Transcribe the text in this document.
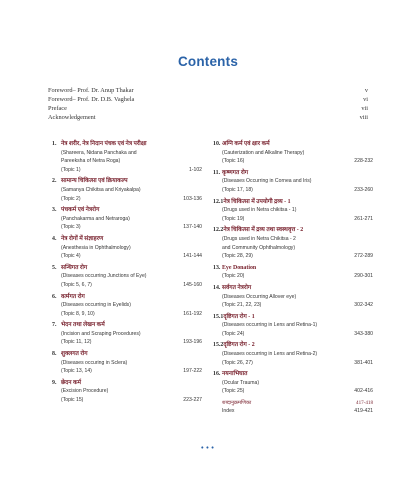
Contents
Foreword– Prof. Dr. Anup Thakar	v
Foreword– Prof. Dr. D.B. Vaghela	vi
Preface	vii
Acknowledgement	viii
1. नेत्र शरीर, नेत्र निदान पंचक एवं नेत्र परीक्षा
(Shareera, Nidana Panchaka and
Pareeksha of Netra Roga)
(Topic 1)	1-102
2. सामान्य चिकित्सा एवं क्रियाकल्प
(Samanya Chikitsa and Kriyakalpa)
(Topic 2)	103-136
3. पंचकर्म एवं नेत्ररोग
(Panchakarma and Netraroga)
(Topic 3)	137-140
4. नेत्र रोगों में संज्ञाहरण
(Anesthesia in Ophthalmology)
(Topic 4)	141-144
5. सन्धिगत रोग
(Diseases occurring Junctions of Eye)
(Topic 5, 6, 7)	145-160
6. वर्त्मगत रोग
(Diseases occurring in Eyelids)
(Topic 8, 9, 10)	161-192
7. भेदन तथा लेखन कर्म
(Incision and Scraping Procedures)
(Topic 11, 12)	193-196
8. शुक्लगत रोग
(Diseases occuring in Sclera)
(Topic 13, 14)	197-222
9. छेदन कर्म
(Excision Procedure)
(Topic 15)	223-227
10. अग्नि कर्म एवं क्षार कर्म
(Cauterization and Alkaline Therapy)
(Topic 16)	228-232
11. कृष्णगत रोग
(Diseases Occurring in Cornea and Iris)
(Topic 17, 18)	233-260
12.1नेत्र चिकित्सा में उपयोगी द्रव्य - 1
(Drugs used in Netra chikitsa - 1)
(Topic 19)	261-271
12.2नेत्र चिकित्सा में द्रव्य तथा स्वस्थवृत्त - 2
(Drugs used in Netra Chikitsa - 2
and Community Ophthalmology)
(Topic 28, 29)	272-289
13. Eye Donation
(Topic 20)	290-301
14. सर्वगत नेत्ररोग
(Diseases Occurring Allover eye)
(Topic 21, 22, 23)	302-342
15.1दृष्टिगत रोग - 1
(Diseases occurring in Lens and Retina-1)
(Topic 24)	343-380
15.2दृष्टिगत रोग - 2
(Diseases occurring in Lens and Retina-2)
(Topic 26, 27)	381-401
16. नयनाभिघात
(Ocular Trauma)
(Topic 25)	402-416
शब्दानुक्रमणिका	417-418
Index	419-421
•••
